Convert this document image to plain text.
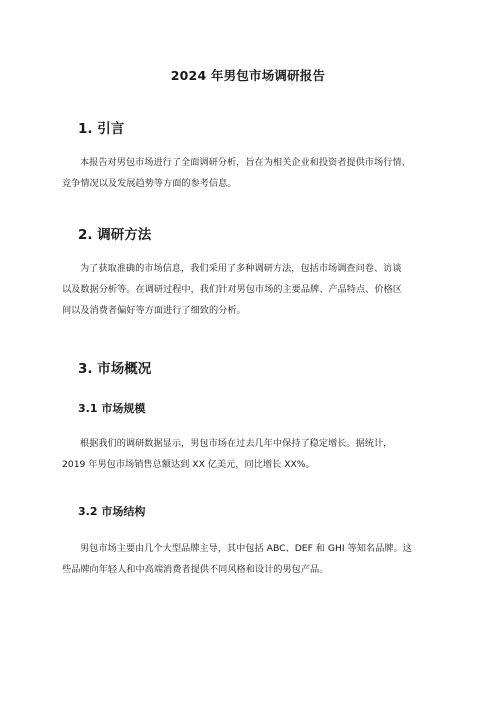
2024 年男包市场调研报告
1. 引言
本报告对男包市场进行了全面调研分析，旨在为相关企业和投资者提供市场行情、
竞争情况以及发展趋势等方面的参考信息。
2. 调研方法
为了获取准确的市场信息，我们采用了多种调研方法，包括市场调查问卷、访谈
以及数据分析等。在调研过程中，我们针对男包市场的主要品牌、产品特点、价格区
间以及消费者偏好等方面进行了细致的分析。
3. 市场概况
3.1 市场规模
根据我们的调研数据显示，男包市场在过去几年中保持了稳定增长。据统计，
2019 年男包市场销售总额达到 XX 亿美元，同比增长 XX%。
3.2 市场结构
男包市场主要由几个大型品牌主导，其中包括 ABC、DEF 和 GHI 等知名品牌。这
些品牌向年轻人和中高端消费者提供不同风格和设计的男包产品。
